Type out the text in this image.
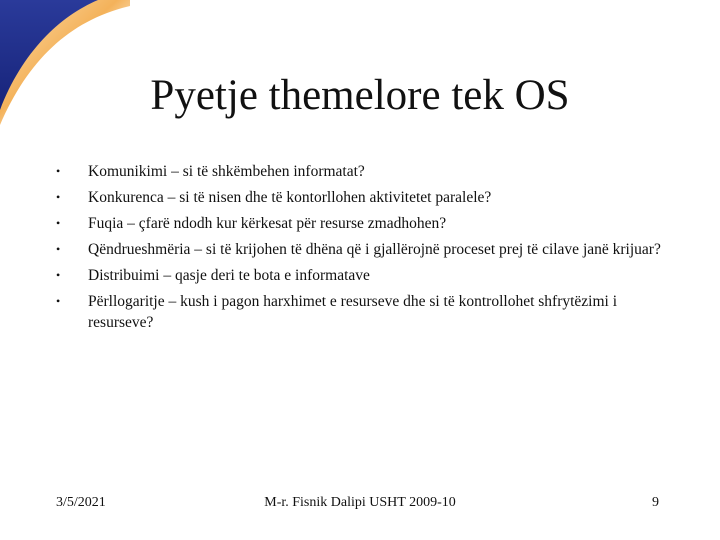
Pyetje themelore tek OS
•	Komunikimi – si të shkëmbehen informatat?
•	Konkurenca – si të nisen dhe të kontorllohen aktivitetet paralele?
•	Fuqia – çfarë ndodh kur kërkesat për resurse zmadhohen?
•	Qëndrueshmëria – si të krijohen të dhëna që i gjallërojnë proceset prej të cilave janë krijuar?
•	Distribuimi – qasje deri te bota e informatave
•	Përllogaritje – kush i pagon harxhimet e resurseve dhe si të kontrollohet shfrytëzimi i resurseve?
3/5/2021	M-r. Fisnik Dalipi USHT 2009-10	9
